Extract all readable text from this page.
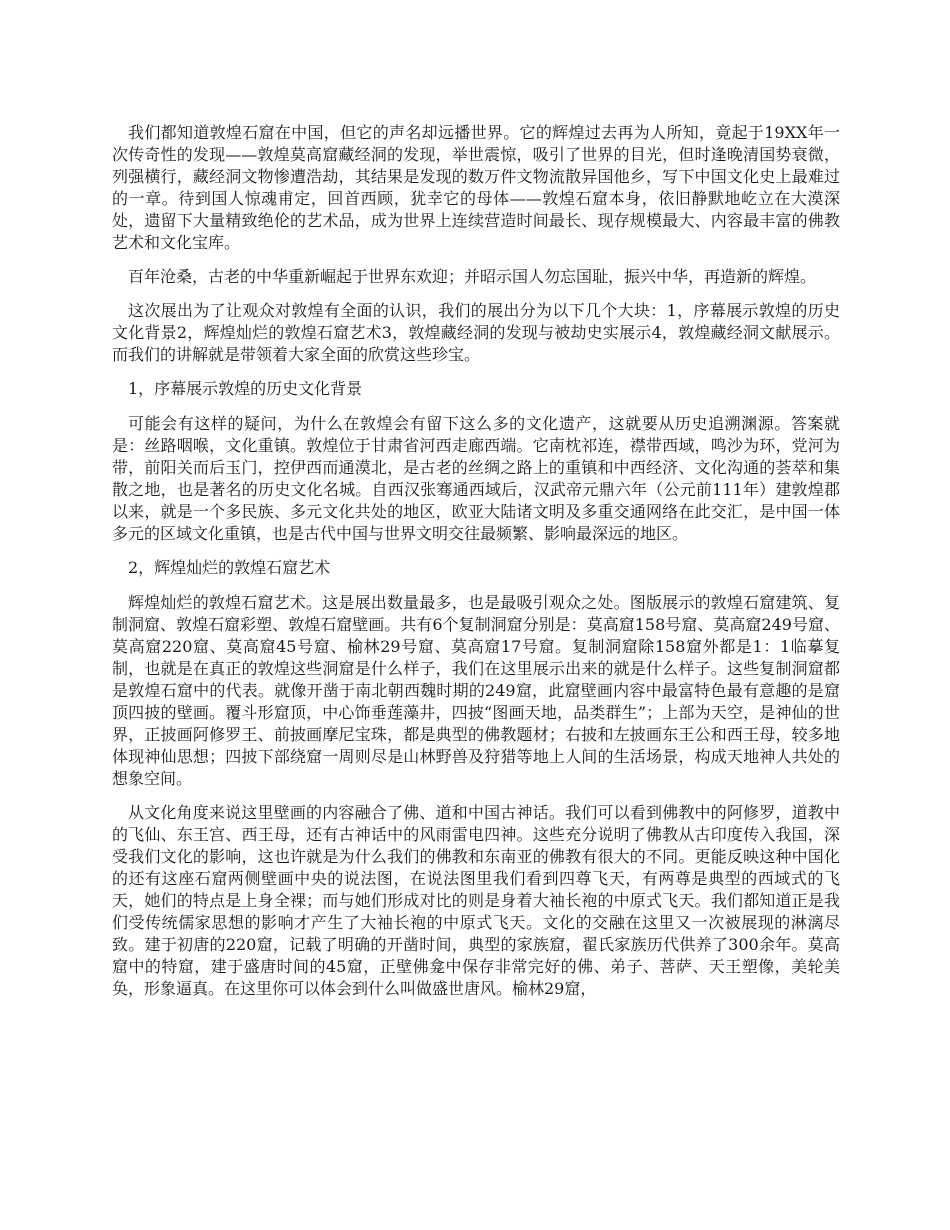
我们都知道敦煌石窟在中国，但它的声名却远播世界。它的辉煌过去再为人所知，竟起于19XX年一次传奇性的发现——敦煌莫高窟藏经洞的发现，举世震惊，吸引了世界的目光，但时逢晚清国势衰微，列强横行，藏经洞文物惨遭浩劫，其结果是发现的数万件文物流散异国他乡，写下中国文化史上最难过的一章。待到国人惊魂甫定，回首西顾，犹幸它的母体——敦煌石窟本身，依旧静默地屹立在大漠深处，遗留下大量精致绝伦的艺术品，成为世界上连续营造时间最长、现存规模最大、内容最丰富的佛教艺术和文化宝库。

百年沧桑，古老的中华重新崛起于世界东欢迎；并昭示国人勿忘国耻，振兴中华，再造新的辉煌。

这次展出为了让观众对敦煌有全面的认识，我们的展出分为以下几个大块：1，序幕展示敦煌的历史文化背景2，辉煌灿烂的敦煌石窟艺术3，敦煌藏经洞的发现与被劫史实展示4，敦煌藏经洞文献展示。而我们的讲解就是带领着大家全面的欣赏这些珍宝。

1，序幕展示敦煌的历史文化背景

可能会有这样的疑问，为什么在敦煌会有留下这么多的文化遗产，这就要从历史追溯渊源。答案就是：丝路咽喉，文化重镇。敦煌位于甘肃省河西走廊西端。它南枕祁连，襟带西域，鸣沙为环，党河为带，前阳关而后玉门，控伊西而通漠北，是古老的丝绸之路上的重镇和中西经济、文化沟通的荟萃和集散之地，也是著名的历史文化名城。自西汉张骞通西域后，汉武帝元鼎六年（公元前111年）建敦煌郡以来，就是一个多民族、多元文化共处的地区，欧亚大陆诸文明及多重交通网络在此交汇，是中国一体多元的区域文化重镇，也是古代中国与世界文明交往最频繁、影响最深远的地区。

2，辉煌灿烂的敦煌石窟艺术

辉煌灿烂的敦煌石窟艺术。这是展出数量最多，也是最吸引观众之处。图版展示的敦煌石窟建筑、复制洞窟、敦煌石窟彩塑、敦煌石窟壁画。共有6个复制洞窟分别是：莫高窟158号窟、莫高窟249号窟、莫高窟220窟、莫高窟45号窟、榆林29号窟、莫高窟17号窟。复制洞窟除158窟外都是1：1临摹复制，也就是在真正的敦煌这些洞窟是什么样子，我们在这里展示出来的就是什么样子。这些复制洞窟都是敦煌石窟中的代表。就像开凿于南北朝西魏时期的249窟，此窟壁画内容中最富特色最有意趣的是窟顶四披的壁画。覆斗形窟顶，中心饰垂莲藻井，四披“图画天地，品类群生”；上部为天空，是神仙的世界，正披画阿修罗王、前披画摩尼宝珠，都是典型的佛教题材；右披和左披画东王公和西王母，较多地体现神仙思想；四披下部绕窟一周则尽是山林野兽及狩猎等地上人间的生活场景，构成天地神人共处的想象空间。

从文化角度来说这里壁画的内容融合了佛、道和中国古神话。我们可以看到佛教中的阿修罗，道教中的飞仙、东王宫、西王母，还有古神话中的风雨雷电四神。这些充分说明了佛教从古印度传入我国，深受我们文化的影响，这也许就是为什么我们的佛教和东南亚的佛教有很大的不同。更能反映这种中国化的还有这座石窟两侧壁画中央的说法图，在说法图里我们看到四尊飞天，有两尊是典型的西域式的飞天，她们的特点是上身全裸；而与她们形成对比的则是身着大袖长袍的中原式飞天。我们都知道正是我们受传统儒家思想的影响才产生了大袖长袍的中原式飞天。文化的交融在这里又一次被展现的淋漓尽致。建于初唐的220窟，记载了明确的开凿时间，典型的家族窟，翟氏家族历代供养了300余年。莫高窟中的特窟，建于盛唐时间的45窟，正壁佛龛中保存非常完好的佛、弟子、菩萨、天王塑像，美轮美奂，形象逼真。在这里你可以体会到什么叫做盛世唐风。榆林29窟，
